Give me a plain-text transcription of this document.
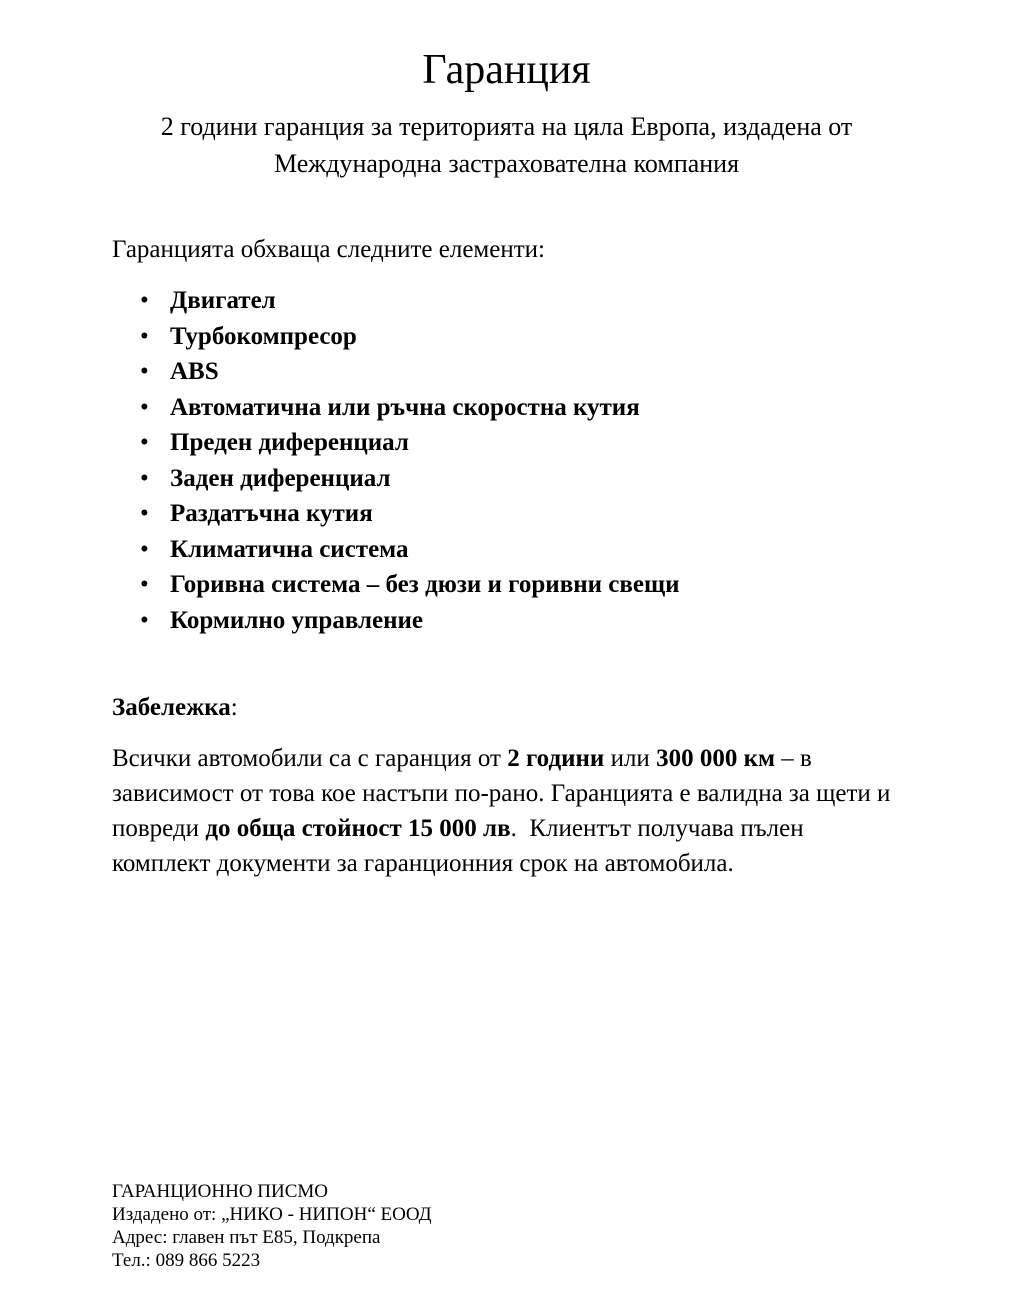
Гаранция
2 години гаранция за територията на цяла Европа, издадена от
Международна застрахователна компания

Гаранцията обхваща следните елементи:

• Двигател
• Турбокомпресор
• ABS
• Автоматична или ръчна скоростна кутия
• Преден диференциал
• Заден диференциал
• Раздатъчна кутия
• Климатична система
• Горивна система – без дюзи и горивни свещи
• Кормилно управление

Забележка:

Всички автомобили са с гаранция от 2 години или 300 000 км – в зависимост от това кое настъпи по-рано. Гаранцията е валидна за щети и повреди до обща стойност 15 000 лв.  Клиентът получава пълен комплект документи за гаранционния срок на автомобила.

ГАРАНЦИОННО ПИСМО
Издадено от: „НИКО - НИПОН“ ЕООД
Адрес: главен път Е85, Подкрепа
Тел.: 089 866 5223
